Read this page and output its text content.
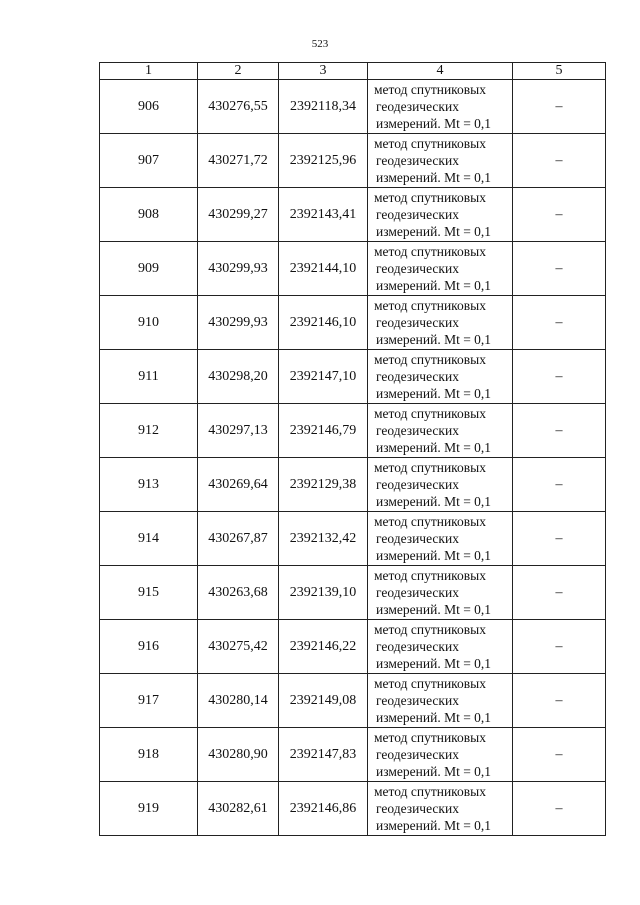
523
1	2	3	4	5
906	430276,55	2392118,34	метод спутниковых
геодезических
измерений. Mt = 0,1	–
907	430271,72	2392125,96	метод спутниковых
геодезических
измерений. Mt = 0,1	–
908	430299,27	2392143,41	метод спутниковых
геодезических
измерений. Mt = 0,1	–
909	430299,93	2392144,10	метод спутниковых
геодезических
измерений. Mt = 0,1	–
910	430299,93	2392146,10	метод спутниковых
геодезических
измерений. Mt = 0,1	–
911	430298,20	2392147,10	метод спутниковых
геодезических
измерений. Mt = 0,1	–
912	430297,13	2392146,79	метод спутниковых
геодезических
измерений. Mt = 0,1	–
913	430269,64	2392129,38	метод спутниковых
геодезических
измерений. Mt = 0,1	–
914	430267,87	2392132,42	метод спутниковых
геодезических
измерений. Mt = 0,1	–
915	430263,68	2392139,10	метод спутниковых
геодезических
измерений. Mt = 0,1	–
916	430275,42	2392146,22	метод спутниковых
геодезических
измерений. Mt = 0,1	–
917	430280,14	2392149,08	метод спутниковых
геодезических
измерений. Mt = 0,1	–
918	430280,90	2392147,83	метод спутниковых
геодезических
измерений. Mt = 0,1	–
919	430282,61	2392146,86	метод спутниковых
геодезических
измерений. Mt = 0,1	–
